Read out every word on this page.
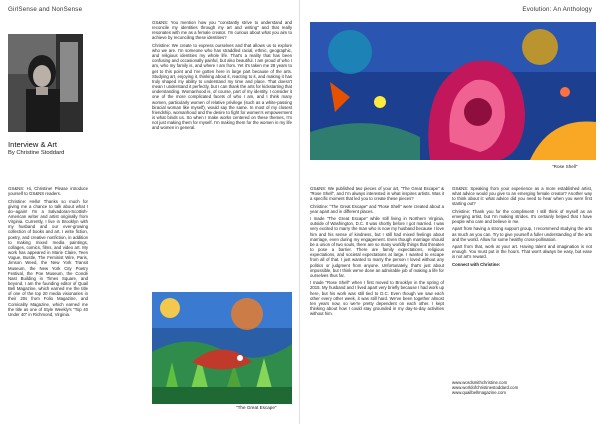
GirlSense and NonSense
Interview & Art
By Christine Stoddard

GS&NS: Hi, Christine! Please introduce yourself to GS&NS readers.

Christine: Hello! Thanks so much for giving me a chance to talk about what I do--again! I'm a Salvadoran-Scottish-American writer and artist originally from Virginia. Currently, I live in Brooklyn with my husband and our ever-growing collection of books and art. I write fiction, poetry, and creative nonfiction, in addition to making mixed media paintings, collages, comics, films, and video art. My work has appeared in Marie Claire, Teen Vogue, Bustle, The Feminist Wire, Paris, Jimson Weed, the New York Transit Museum, the New York City Poetry Festival, the Poe Museum, the Condé Nast Building in Times Square, and beyond. I am the founding editor of Quail Bell Magazine, which earned me the title of one of the top 20 media visionaries in their 20s from Folio Magazine, and Comicality Magazine, which earned me the title as one of Style Weekly's "Top 40 Under 40" in Richmond, Virginia.

GS&NS: You mention how you "constantly strive to understand and reconcile my identities through my art and writing" and that really resonates with me as a female creator. I'm curious about what you aim to achieve by reconciling these identities?

Christine: We create to express ourselves and that allows us to explore who we are. I'm someone who has straddled racial, ethnic, geographic, and religious identities my whole life. That's a reality that has been confusing and occasionally painful, but also beautiful. I am proud of who I am, who my family is, and where I am from. Yet it's taken me 28 years to get to this point and I've gotten here in large part because of the arts. Studying art, enjoying it, thinking about it, reacting to it, and making it has truly shaped my ability to understand my time and place. That doesn't mean I understand it perfectly, but I can thank the arts for kickstarting that understanding. Womanhood is, of course, part of my identity. I consider it one of the more complicated facets of who I am, and I think many women, particularly women of relative privilege (such as a white-passing biracial woman like myself), would say the same. In most of my closest friendship, womanhood and the desire to fight for women's empowerment is what binds us. So when I make works centered on these themes, I'm not just making them for myself. I'm making them for the women in my life and women in general.

"The Great Escape"
Evolution: An Anthology
"Rose Shell"

GS&NS: We published two pieces of your art, "The Great Escape" & "Rose Shell", and I'm always interested in what inspires artists. Was it a specific moment that led you to create these pieces?

Christine: "The Great Escape" and "Rose Shell" were created about a year apart and in different places.

I made "The Great Escape" while still living in Northern Virginia, outside of Washington, D.C. It was shortly before I got married. I was very excited to marry the man who is now my husband because I love him and his sense of kindness, but I still had mixed feelings about marriage, even during my engagement. Even though marriage should be a union of two souls, there are so many worldly things that threaten to pose a barrier. There are family expectations, religious expectations, and societal expectations at large. I wanted to escape from all of that. I just wanted to marry the person I loved without any politics or judgment from anyone. Unfortunately, that's just about impossible, but I think we've done an admirable job of making a life for ourselves thus far.

I made "Rose Shell" when I first moved to Brooklyn in the spring of 2015. My husband and I lived apart very briefly because I had work up here, but his work was still tied to D.C. Even though we saw each other every other week, it was still hard. We've been together almost ten years now, so we're pretty dependent on each other. I kept thinking about how I could stay grounded in my day-to-day activities without him.

GS&NS: Speaking from your experience as a more established artist, what advice would you give to an emerging female creator? Another way to think about it: what advice did you need to hear when you were first starting out?

Christine: Thank you for the compliment! I still think of myself as an emerging artist, but I'm making strides. It's certainly helped that I have people who care and believe in me.

Apart from having a strong support group, I recommend studying the arts as much as you can. Try to give yourself a fuller understanding of the arts and the world. Allow for some healthy cross-pollination.

Apart from that, work at your art. Having talent and imagination is not enough. You must put in the hours. That won't always be easy, but ease is not art's reward.

Connect with Christine:

www.wordsmithchristine.com
www.worldofchristinestoddard.com
www.quailbellmagazine.com
